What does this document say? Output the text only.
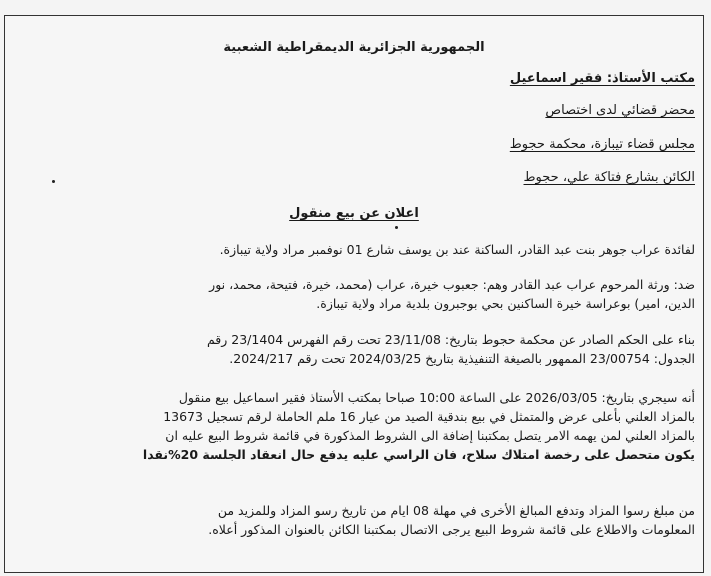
الجمهورية الجزائرية الديمقراطية الشعبية
مكتب الأستاذ: فقير اسماعيل
محضر قضائي لدى اختصاص
مجلس قضاء تيبازة، محكمة حجوط
الكائن بشارع فتاكة علي، حجوط
اعلان عن بيع منقول
لفائدة عراب جوهر بنت عبد القادر، الساكنة عند بن يوسف شارع 01 نوفمبر مراد ولاية تيبازة.
ضد: ورثة المرحوم عراب عبد القادر وهم: جعبوب خيرة، عراب (محمد، خيرة، فتيحة، محمد، نور
الدين، امير) بوعراسة خيرة الساكنين بحي بوجبرون بلدية مراد ولاية تيبازة.
بناء على الحكم الصادر عن محكمة حجوط بتاريخ: 23/11/08 تحت رقم الفهرس 23/1404 رقم
الجدول: 23/00754 الممهور بالصيغة التنفيذية بتاريخ 2024/03/25 تحت رقم 2024/217.
أنه سيجري بتاريخ: 2026/03/05 على الساعة 10:00 صباحا بمكتب الأستاذ فقير اسماعيل بيع منقول
بالمزاد العلني بأعلى عرض والمتمثل في بيع بندقية الصيد من عيار 16 ملم الحاملة لرقم تسجيل 13673
بالمزاد العلني لمن يهمه الامر يتصل بمكتبنا إضافة الى الشروط المذكورة في قائمة شروط البيع عليه ان
يكون متحصل على رخصة امتلاك سلاح، فان الراسي عليه يدفع حال انعقاد الجلسة 20%نقدا
من مبلغ رسوا المزاد وتدفع المبالغ الأخرى في مهلة 08 ايام من تاريخ رسو المزاد وللمزيد من
المعلومات والاطلاع على قائمة شروط البيع يرجى الاتصال بمكتبنا الكائن بالعنوان المذكور أعلاه.
